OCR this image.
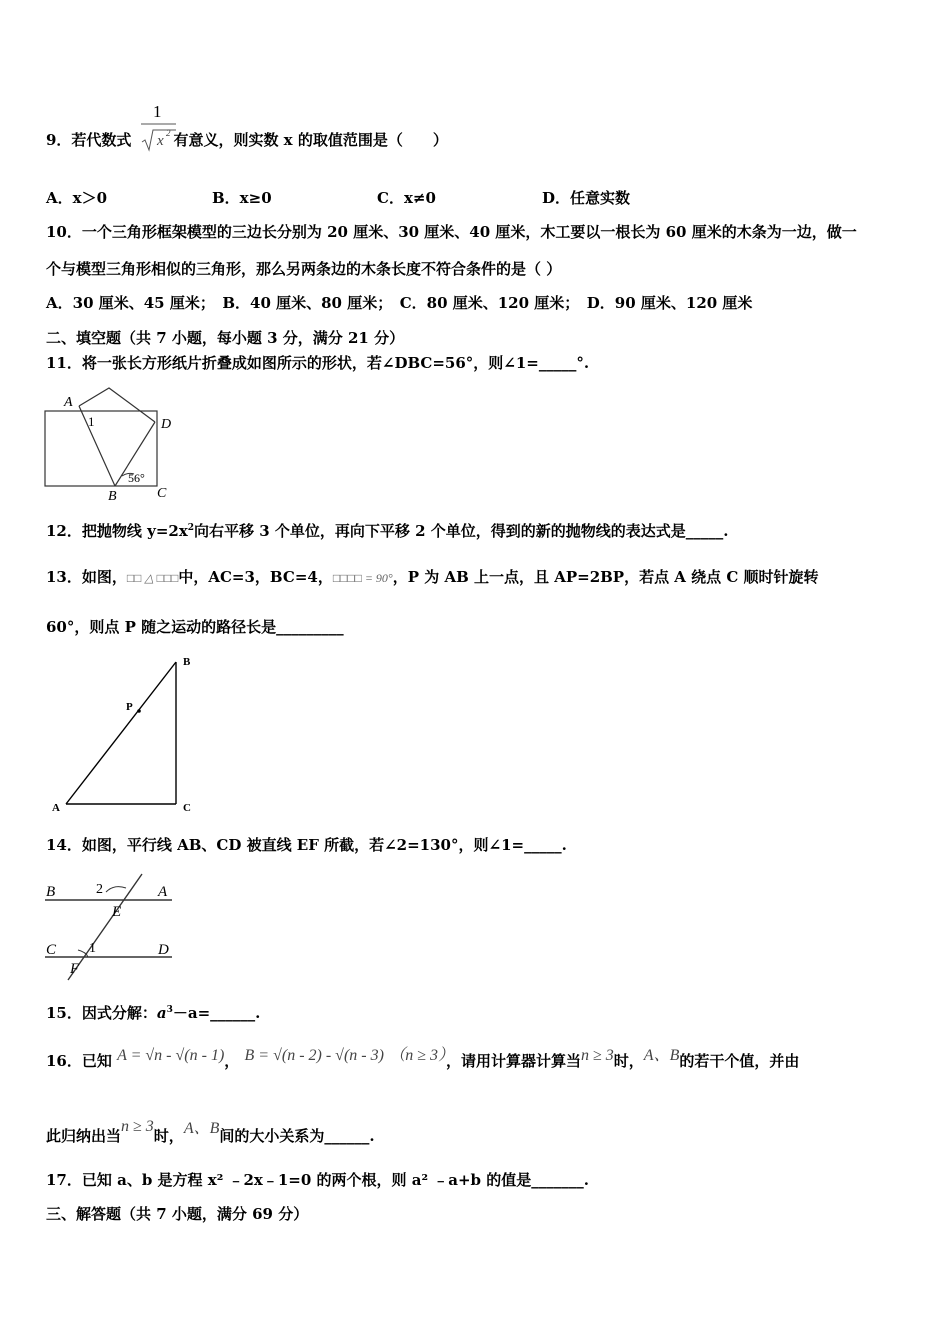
9．若代数式	有意义，则实数 x 的取值范围是（　　）
1
x 2
A．x＞0	B．x≥0	C．x≠0	D．任意实数
10．一个三角形框架模型的三边长分别为 20 厘米、30 厘米、40 厘米，木工要以一根长为 60 厘米的木条为一边，做一
个与模型三角形相似的三角形，那么另两条边的木条长度不符合条件的是（ ）
A．30 厘米、45 厘米；　B．40 厘米、80 厘米；　C．80 厘米、120 厘米；　D．90 厘米、120 厘米
二、填空题（共 7 小题，每小题 3 分，满分 21 分）
11．将一张长方形纸片折叠成如图所示的形状，若∠DBC=56°，则∠1=_____°.
A
1	D
56°
B	C
12．把抛物线 $y=2x^2$向右平移 3 个单位，再向下平移 2 个单位，得到的新的抛物线的表达式是_____.
13．如图，□□ △ □□□中，AC=3，BC=4，□□□□ = 90°，P 为 AB 上一点，且 AP=2BP，若点 A 绕点 C 顺时针旋转
60°，则点 P 随之运动的路径长是_________
B
P
A	C
14．如图，平行线 AB、CD 被直线 EF 所截，若∠2=130°，则∠1=_____.
B	2	A
E
C 1	D
F
15．因式分解：$a^3-a=\_\_\_\_\_\_$.
16．已知 A = √n - √(n - 1)， B = √(n - 2) - √(n - 3) （n ≥ 3），请用计算器计算当n ≥ 3时，A、B的若干个值，并由
此归纳出当n ≥ 3时，A、B间的大小关系为______.
17．已知 a、b 是方程 x² ﹣2x﹣1=0 的两个根，则 a² ﹣a+b 的值是_______.
三、解答题（共 7 小题，满分 69 分）
